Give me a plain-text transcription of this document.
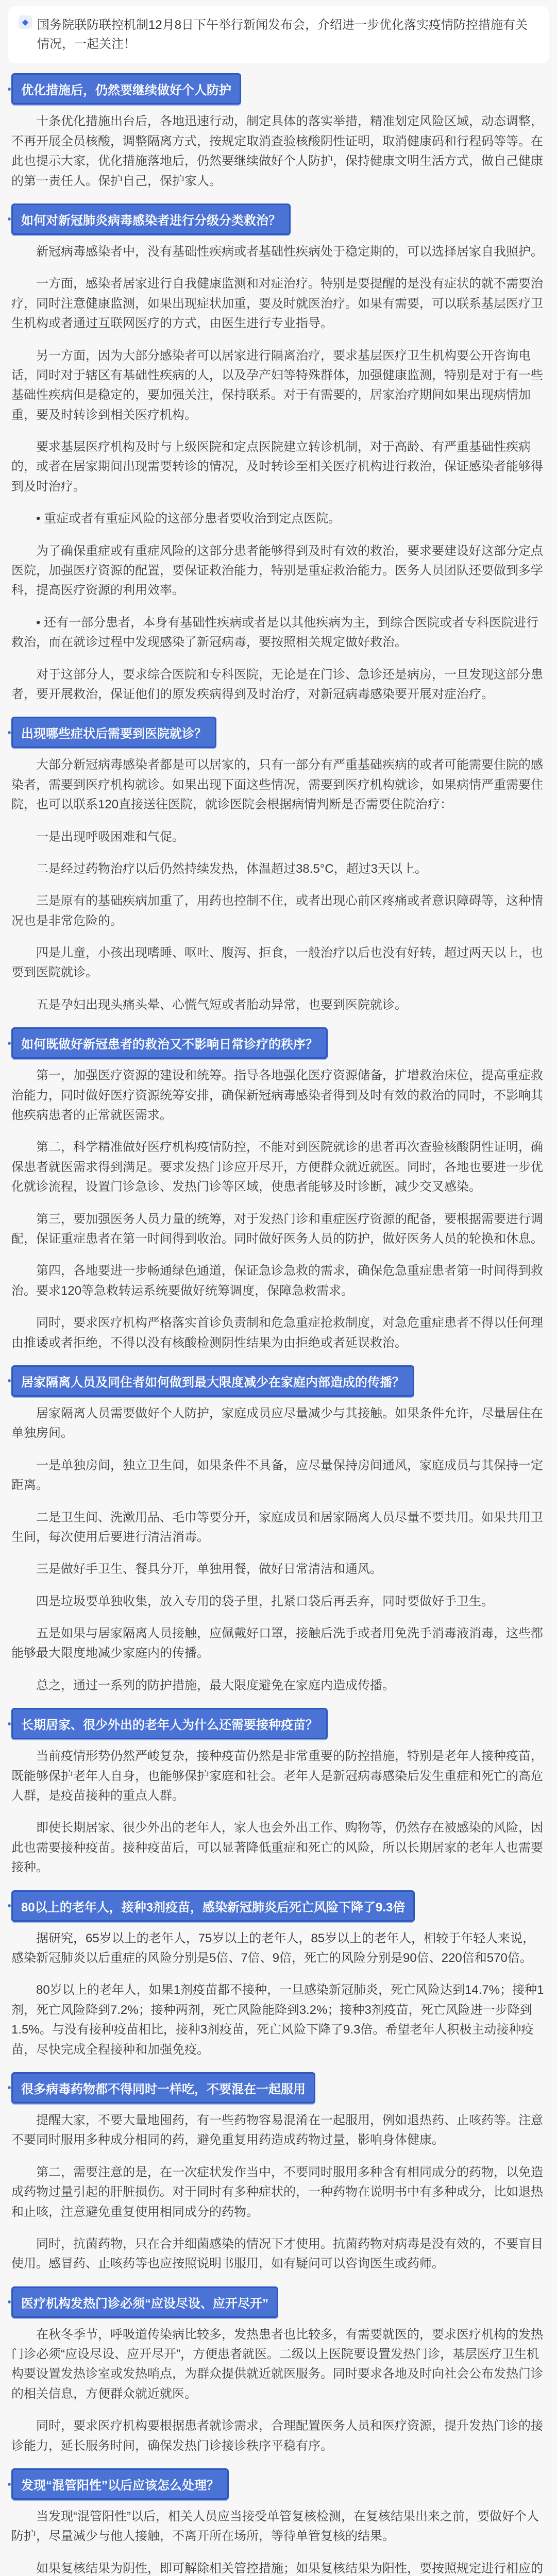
◆ 国务院联防联控机制12月8日下午举行新闻发布会，介绍进一步优化落实疫情防控措施有关情况，一起关注！
优化措施后，仍然要继续做好个人防护

十条优化措施出台后，各地迅速行动，制定具体的落实举措，精准划定风险区域，动态调整，不再开展全员核酸，调整隔离方式，按规定取消查验核酸阴性证明，取消健康码和行程码等等。在此也提示大家，优化措施落地后，仍然要继续做好个人防护，保持健康文明生活方式，做自己健康的第一责任人。保护自己，保护家人。

如何对新冠肺炎病毒感染者进行分级分类救治？

新冠病毒感染者中，没有基础性疾病或者基础性疾病处于稳定期的，可以选择居家自我照护。

一方面，感染者居家进行自我健康监测和对症治疗。特别是要提醒的是没有症状的就不需要治疗，同时注意健康监测，如果出现症状加重，要及时就医治疗。如果有需要，可以联系基层医疗卫生机构或者通过互联网医疗的方式，由医生进行专业指导。

另一方面，因为大部分感染者可以居家进行隔离治疗，要求基层医疗卫生机构要公开咨询电话，同时对于辖区有基础性疾病的人，以及孕产妇等特殊群体，加强健康监测，特别是对于有一些基础性疾病但是稳定的，要加强关注，保持联系。对于有需要的，居家治疗期间如果出现病情加重，要及时转诊到相关医疗机构。

要求基层医疗机构及时与上级医院和定点医院建立转诊机制，对于高龄、有严重基础性疾病的，或者在居家期间出现需要转诊的情况，及时转诊至相关医疗机构进行救治，保证感染者能够得到及时治疗。

• 重症或者有重症风险的这部分患者要收治到定点医院。

为了确保重症或有重症风险的这部分患者能够得到及时有效的救治，要求要建设好这部分定点医院，加强医疗资源的配置，要保证救治能力，特别是重症救治能力。医务人员团队还要做到多学科，提高医疗资源的利用效率。

• 还有一部分患者，本身有基础性疾病或者是以其他疾病为主，到综合医院或者专科医院进行救治，而在就诊过程中发现感染了新冠病毒，要按照相关规定做好救治。

对于这部分人，要求综合医院和专科医院，无论是在门诊、急诊还是病房，一旦发现这部分患者，要开展救治，保证他们的原发疾病得到及时治疗，对新冠病毒感染要开展对症治疗。

出现哪些症状后需要到医院就诊？

大部分新冠病毒感染者都是可以居家的，只有一部分有严重基础疾病的或者可能需要住院的感染者，需要到医疗机构就诊。如果出现下面这些情况，需要到医疗机构就诊，如果病情严重需要住院，也可以联系120直接送往医院，就诊医院会根据病情判断是否需要住院治疗：

一是出现呼吸困难和气促。

二是经过药物治疗以后仍然持续发热，体温超过38.5°C，超过3天以上。

三是原有的基础疾病加重了，用药也控制不住，或者出现心前区疼痛或者意识障碍等，这种情况也是非常危险的。

四是儿童，小孩出现嗜睡、呕吐、腹泻、拒食，一般治疗以后也没有好转，超过两天以上，也要到医院就诊。

五是孕妇出现头痛头晕、心慌气短或者胎动异常，也要到医院就诊。

如何既做好新冠患者的救治又不影响日常诊疗的秩序？

第一，加强医疗资源的建设和统筹。指导各地强化医疗资源储备，扩增救治床位，提高重症救治能力，同时做好医疗资源统筹安排，确保新冠病毒感染者得到及时有效的救治的同时，不影响其他疾病患者的正常就医需求。

第二，科学精准做好医疗机构疫情防控，不能对到医院就诊的患者再次查验核酸阴性证明，确保患者就医需求得到满足。要求发热门诊应开尽开，方便群众就近就医。同时，各地也要进一步优化就诊流程，设置门诊急诊、发热门诊等区域，使患者能够及时诊断，减少交叉感染。

第三，要加强医务人员力量的统筹，对于发热门诊和重症医疗资源的配备，要根据需要进行调配，保证重症患者在第一时间得到收治。同时做好医务人员的防护，做好医务人员的轮换和休息。

第四，各地要进一步畅通绿色通道，保证急诊急救的需求，确保危急重症患者第一时间得到救治。要求120等急救转运系统要做好统筹调度，保障急救需求。

同时，要求医疗机构严格落实首诊负责制和危急重症抢救制度，对急危重症患者不得以任何理由推诿或者拒绝，不得以没有核酸检测阴性结果为由拒绝或者延误救治。

居家隔离人员及同住者如何做到最大限度减少在家庭内部造成的传播？

居家隔离人员需要做好个人防护，家庭成员应尽量减少与其接触。如果条件允许，尽量居住在单独房间。

一是单独房间，独立卫生间，如果条件不具备，应尽量保持房间通风，家庭成员与其保持一定距离。

二是卫生间、洗漱用品、毛巾等要分开，家庭成员和居家隔离人员尽量不要共用。如果共用卫生间，每次使用后要进行清洁消毒。

三是做好手卫生、餐具分开，单独用餐，做好日常清洁和通风。

四是垃圾要单独收集，放入专用的袋子里，扎紧口袋后再丢弃，同时要做好手卫生。

五是如果与居家隔离人员接触，应佩戴好口罩，接触后洗手或者用免洗手消毒液消毒，这些都能够最大限度地减少家庭内的传播。

总之，通过一系列的防护措施，最大限度避免在家庭内造成传播。

长期居家、很少外出的老年人为什么还需要接种疫苗？

当前疫情形势仍然严峻复杂，接种疫苗仍然是非常重要的防控措施，特别是老年人接种疫苗，既能够保护老年人自身，也能够保护家庭和社会。老年人是新冠病毒感染后发生重症和死亡的高危人群，是疫苗接种的重点人群。

即使长期居家、很少外出的老年人，家人也会外出工作、购物等，仍然存在被感染的风险，因此也需要接种疫苗。接种疫苗后，可以显著降低重症和死亡的风险，所以长期居家的老年人也需要接种。

80以上的老年人，接种3剂疫苗，感染新冠肺炎后死亡风险下降了9.3倍

据研究，65岁以上的老年人，75岁以上的老年人，85岁以上的老年人，相较于年轻人来说，感染新冠肺炎以后重症的风险分别是5倍、7倍、9倍，死亡的风险分别是90倍、220倍和570倍。

80岁以上的老年人，如果1剂疫苗都不接种，一旦感染新冠肺炎，死亡风险达到14.7%；接种1剂，死亡风险降到7.2%；接种两剂，死亡风险能降到3.2%；接种3剂疫苗，死亡风险进一步降到1.5%。与没有接种疫苗相比，接种3剂疫苗，死亡风险下降了9.3倍。希望老年人积极主动接种疫苗，尽快完成全程接种和加强免疫。

很多病毒药物都不得同时一样吃，不要混在一起服用

提醒大家，不要大量地囤药，有一些药物容易混淆在一起服用，例如退热药、止咳药等。注意不要同时服用多种成分相同的药，避免重复用药造成药物过量，影响身体健康。

第二，需要注意的是，在一次症状发作当中，不要同时服用多种含有相同成分的药物，以免造成药物过量引起的肝脏损伤。对于同时有多种症状的，一种药物在说明书中有多种成分，比如退热和止咳，注意避免重复使用相同成分的药物。

同时，抗菌药物，只在合并细菌感染的情况下才使用。抗菌药物对病毒是没有效的，不要盲目使用。感冒药、止咳药等也应按照说明书服用，如有疑问可以咨询医生或药师。

医疗机构发热门诊必须“应设尽设、应开尽开”

在秋冬季节，呼吸道传染病比较多，发热患者也比较多，有需要就医的，要求医疗机构的发热门诊必须“应设尽设、应开尽开”，方便患者就医。二级以上医院要设置发热门诊，基层医疗卫生机构要设置发热诊室或发热哨点，为群众提供就近就医服务。同时要求各地及时向社会公布发热门诊的相关信息，方便群众就近就医。

同时，要求医疗机构要根据患者就诊需求，合理配置医务人员和医疗资源，提升发热门诊的接诊能力，延长服务时间，确保发热门诊接诊秩序平稳有序。

发现“混管阳性”以后应该怎么处理？

当发现“混管阳性”以后，相关人员应当接受单管复核检测，在复核结果出来之前，要做好个人防护，尽量减少与他人接触，不离开所在场所，等待单管复核的结果。

如果复核结果为阴性，即可解除相关管控措施；如果复核结果为阳性，要按照规定进行相应的
